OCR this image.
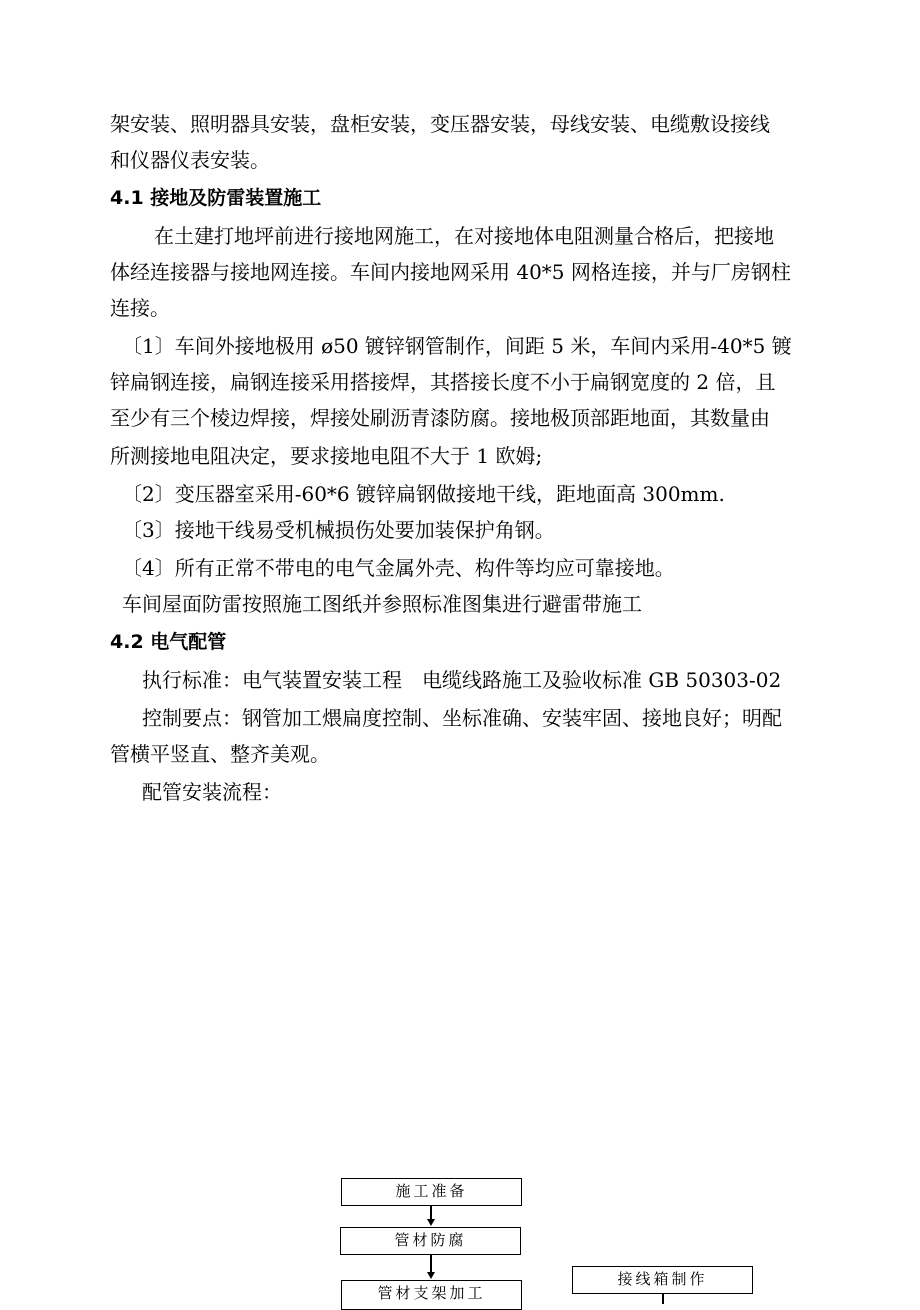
架安装、照明器具安装，盘柜安装，变压器安装，母线安装、电缆敷设接线
和仪器仪表安装。
4.1 接地及防雷装置施工
在土建打地坪前进行接地网施工，在对接地体电阻测量合格后，把接地
体经连接器与接地网连接。车间内接地网采用 40*5 网格连接，并与厂房钢柱
连接。
〔1〕车间外接地极用 ø50 镀锌钢管制作，间距 5 米，车间内采用-40*5 镀
锌扁钢连接，扁钢连接采用搭接焊，其搭接长度不小于扁钢宽度的 2 倍，且
至少有三个棱边焊接，焊接处刷沥青漆防腐。接地极顶部距地面，其数量由
所测接地电阻决定，要求接地电阻不大于 1 欧姆;
〔2〕变压器室采用-60*6 镀锌扁钢做接地干线，距地面高 300mm.
〔3〕接地干线易受机械损伤处要加装保护角钢。
〔4〕所有正常不带电的电气金属外壳、构件等均应可靠接地。
车间屋面防雷按照施工图纸并参照标准图集进行避雷带施工
4.2 电气配管
执行标准：电气装置安装工程　电缆线路施工及验收标准 GB 50303-02
控制要点：钢管加工煨扁度控制、坐标准确、安装牢固、接地良好；明配
管横平竖直、整齐美观。
配管安装流程：
施工准备
管材防腐
管材支架加工
接线箱制作
